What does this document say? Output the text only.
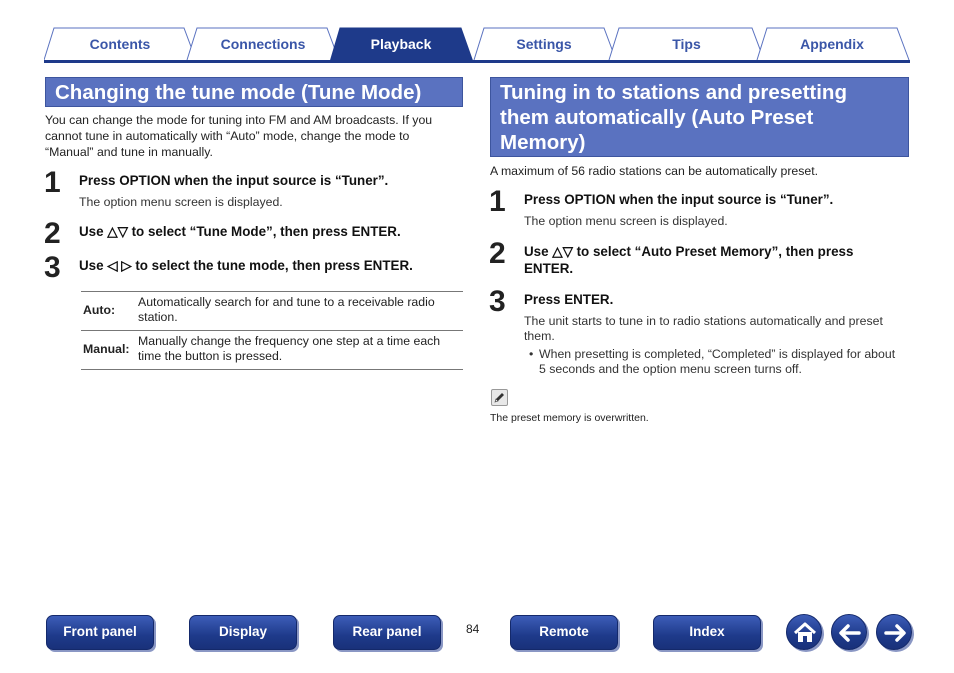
Contents	Connections	Playback	Settings	Tips	Appendix
Changing the tune mode (Tune Mode)
You can change the mode for tuning into FM and AM broadcasts. If you
cannot tune in automatically with “Auto” mode, change the mode to
“Manual” and tune in manually.
1 Press OPTION when the input source is “Tuner”.
The option menu screen is displayed.
2 Use △▽ to select “Tune Mode”, then press ENTER.
3 Use ◁ ▷ to select the tune mode, then press ENTER.
Auto:	Automatically search for and tune to a receivable radio
station.

Manual:	Manually change the frequency one step at a time each
time the button is pressed.
Tuning in to stations and presetting
them automatically (Auto Preset
Memory)
A maximum of 56 radio stations can be automatically preset.
1 Press OPTION when the input source is “Tuner”.
The option menu screen is displayed.
2 Use △▽ to select “Auto Preset Memory”, then press
ENTER.
3 Press ENTER.
The unit starts to tune in to radio stations automatically and preset
them.
• When presetting is completed, “Completed” is displayed for about
5 seconds and the option menu screen turns off.
The preset memory is overwritten.
Front panel	Display	Rear panel	84	Remote	Index
